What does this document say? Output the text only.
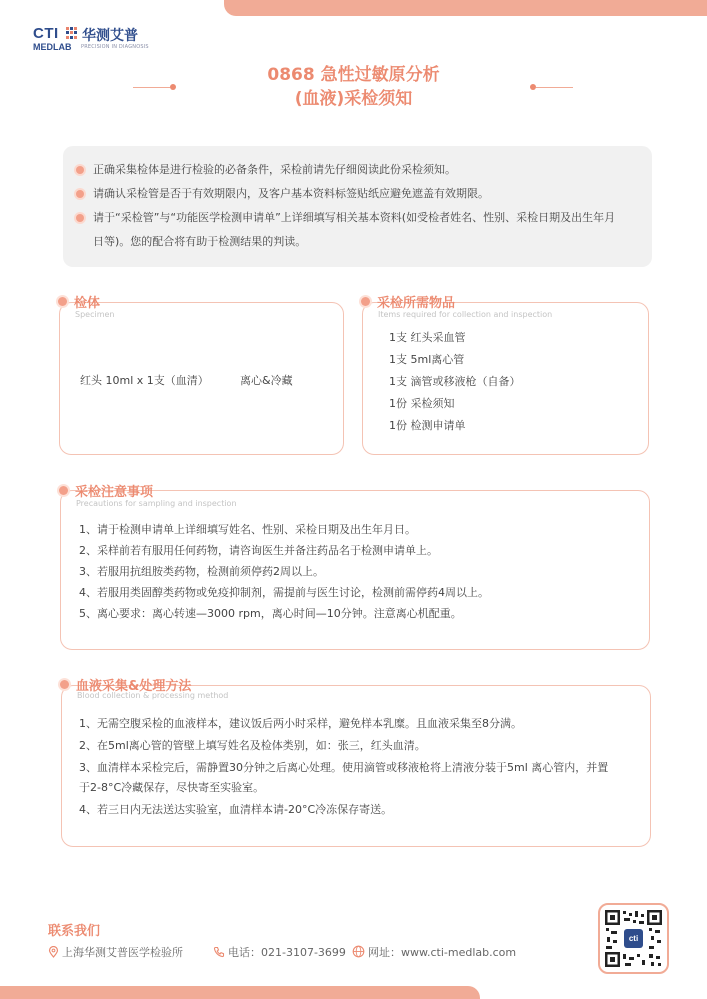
CTI 华测艾普
MEDLAB PRECISION IN DIAGNOSIS
0868 急性过敏原分析
(血液)采检须知
正确采集检体是进行检验的必备条件，采检前请先仔细阅读此份采检须知。
请确认采检管是否于有效期限内，及客户基本资料标签贴纸应避免遮盖有效期限。
请于“采检管”与“功能医学检测申请单”上详细填写相关基本资料(如受检者姓名、性别、采检日期及出生年月
日等)。您的配合将有助于检测结果的判读。
检体
Specimen
红头 10ml x 1支（血清）	离心&冷藏
采检所需物品
Items required for collection and inspection
1支 红头采血管
1支 5ml离心管
1支 滴管或移液枪（自备）
1份 采检须知
1份 检测申请单
采检注意事项
Precautions for sampling and inspection
1、请于检测申请单上详细填写姓名、性别、采检日期及出生年月日。
2、采样前若有服用任何药物，请咨询医生并备注药品名于检测申请单上。
3、若服用抗组胺类药物，检测前须停药2周以上。
4、若服用类固醇类药物或免疫抑制剂，需提前与医生讨论，检测前需停药4周以上。
5、离心要求：离心转速—3000 rpm，离心时间—10分钟。注意离心机配重。
血液采集&处理方法
Blood collection & processing method
1、无需空腹采检的血液样本，建议饭后两小时采样，避免样本乳糜。且血液采集至8分满。
2、在5ml离心管的管壁上填写姓名及检体类别，如：张三，红头血清。
3、血清样本采检完后，需静置30分钟之后离心处理。使用滴管或移液枪将上清液分装于5ml 离心管内，并置
于2-8°C冷藏保存，尽快寄至实验室。
4、若三日内无法送达实验室，血清样本请-20°C冷冻保存寄送。
联系我们
上海华测艾普医学检验所	电话：021-3107-3699	网址：www.cti-medlab.com
cti
